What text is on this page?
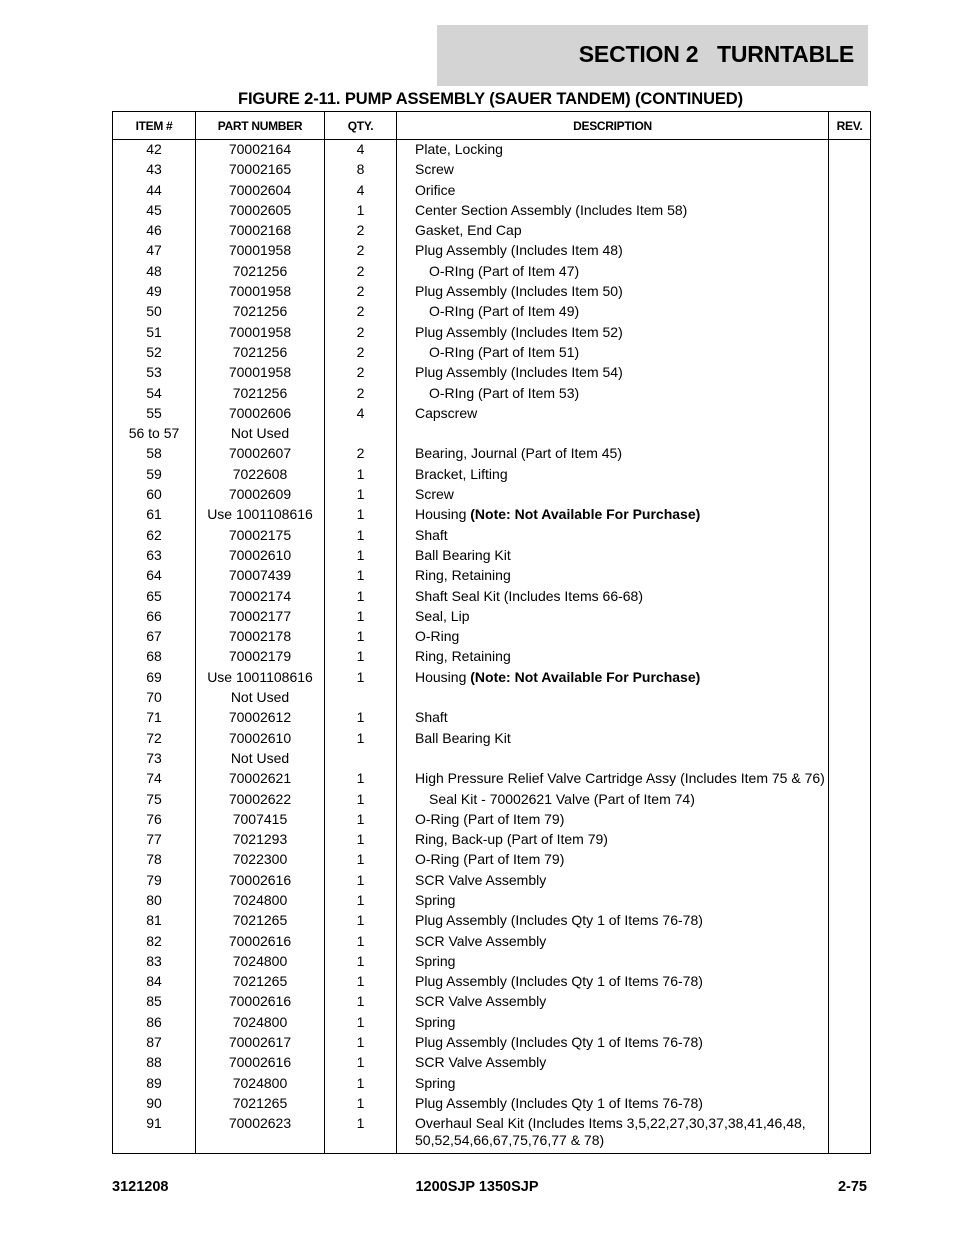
SECTION 2   TURNTABLE
FIGURE 2-11. PUMP ASSEMBLY (SAUER TANDEM) (CONTINUED)
ITEM #	PART NUMBER	QTY.	DESCRIPTION	REV.
42	70002164	4	Plate, Locking	
43	70002165	8	Screw	
44	70002604	4	Orifice	
45	70002605	1	Center Section Assembly (Includes Item 58)	
46	70002168	2	Gasket, End Cap	
47	70001958	2	Plug Assembly (Includes Item 48)	
48	7021256	2	O-RIng (Part of Item 47)	
49	70001958	2	Plug Assembly (Includes Item 50)	
50	7021256	2	O-RIng (Part of Item 49)	
51	70001958	2	Plug Assembly (Includes Item 52)	
52	7021256	2	O-RIng (Part of Item 51)	
53	70001958	2	Plug Assembly (Includes Item 54)	
54	7021256	2	O-RIng (Part of Item 53)	
55	70002606	4	Capscrew	
56 to 57	Not Used			
58	70002607	2	Bearing, Journal (Part of Item 45)	
59	7022608	1	Bracket, Lifting	
60	70002609	1	Screw	
61	Use 1001108616	1	Housing (Note: Not Available For Purchase)	
62	70002175	1	Shaft	
63	70002610	1	Ball Bearing Kit	
64	70007439	1	Ring, Retaining	
65	70002174	1	Shaft Seal Kit (Includes Items 66-68)	
66	70002177	1	Seal, Lip	
67	70002178	1	O-Ring	
68	70002179	1	Ring, Retaining	
69	Use 1001108616	1	Housing (Note: Not Available For Purchase)	
70	Not Used			
71	70002612	1	Shaft	
72	70002610	1	Ball Bearing Kit	
73	Not Used			
74	70002621	1	High Pressure Relief Valve Cartridge Assy (Includes Item 75 & 76)	
75	70002622	1	Seal Kit - 70002621 Valve (Part of Item 74)	
76	7007415	1	O-Ring (Part of Item 79)	
77	7021293	1	Ring, Back-up (Part of Item 79)	
78	7022300	1	O-Ring (Part of Item 79)	
79	70002616	1	SCR Valve Assembly	
80	7024800	1	Spring	
81	7021265	1	Plug Assembly (Includes Qty 1 of Items 76-78)	
82	70002616	1	SCR Valve Assembly	
83	7024800	1	Spring	
84	7021265	1	Plug Assembly (Includes Qty 1 of Items 76-78)	
85	70002616	1	SCR Valve Assembly	
86	7024800	1	Spring	
87	70002617	1	Plug Assembly (Includes Qty 1 of Items 76-78)	
88	70002616	1	SCR Valve Assembly	
89	7024800	1	Spring	
90	7021265	1	Plug Assembly (Includes Qty 1 of Items 76-78)	
91	70002623	1	Overhaul Seal Kit (Includes Items 3,5,22,27,30,37,38,41,46,48, 50,52,54,66,67,75,76,77 & 78)	
3121208	1200SJP 1350SJP	2-75
